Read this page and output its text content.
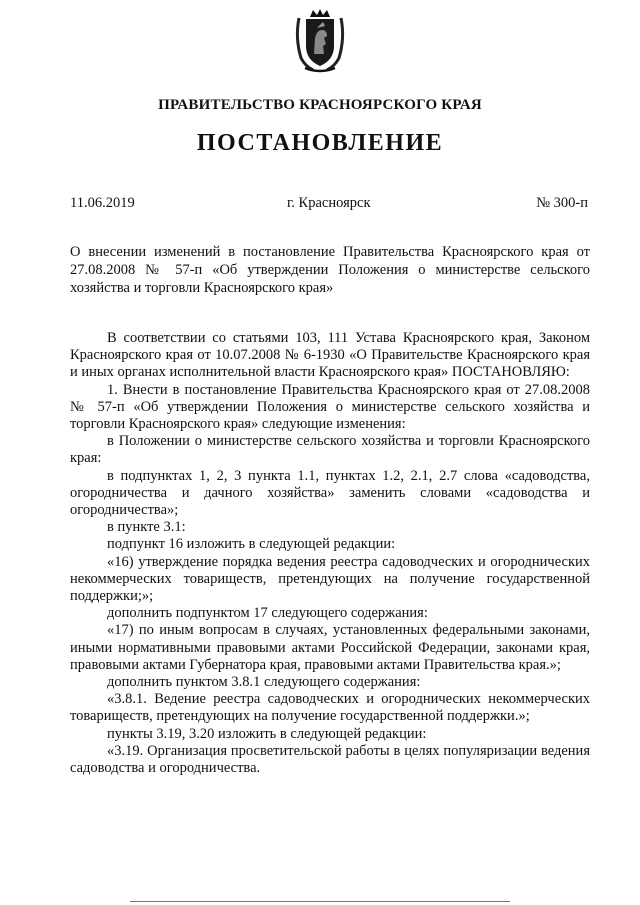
ПРАВИТЕЛЬСТВО КРАСНОЯРСКОГО КРАЯ
ПОСТАНОВЛЕНИЕ
11.06.2019	г. Красноярск	№ 300-п
О внесении изменений в постановление Правительства Красноярского края от 27.08.2008 № 57-п «Об утверждении Положения о министерстве сельского хозяйства и торговли Красноярского края»

В соответствии со статьями 103, 111 Устава Красноярского края, Законом Красноярского края от 10.07.2008 № 6-1930 «О Правительстве Красноярского края и иных органах исполнительной власти Красноярского края» ПОСТАНОВЛЯЮ:

1. Внести в постановление Правительства Красноярского края от 27.08.2008 № 57-п «Об утверждении Положения о министерстве сельского хозяйства и торговли Красноярского края» следующие изменения:

в Положении о министерстве сельского хозяйства и торговли Красноярского края:

в подпунктах 1, 2, 3 пункта 1.1, пунктах 1.2, 2.1, 2.7 слова «садоводства, огородничества и дачного хозяйства» заменить словами «садоводства и огородничества»;

в пункте 3.1:

подпункт 16 изложить в следующей редакции:

«16) утверждение порядка ведения реестра садоводческих и огороднических некоммерческих товариществ, претендующих на получение государственной поддержки;»;

дополнить подпунктом 17 следующего содержания:

«17) по иным вопросам в случаях, установленных федеральными законами, иными нормативными правовыми актами Российской Федерации, законами края, правовыми актами Губернатора края, правовыми актами Правительства края.»;

дополнить пунктом 3.8.1 следующего содержания:

«3.8.1. Ведение реестра садоводческих и огороднических некоммерческих товариществ, претендующих на получение государственной поддержки.»;

пункты 3.19, 3.20 изложить в следующей редакции:

«3.19. Организация просветительской работы в целях популяризации ведения садоводства и огородничества.
